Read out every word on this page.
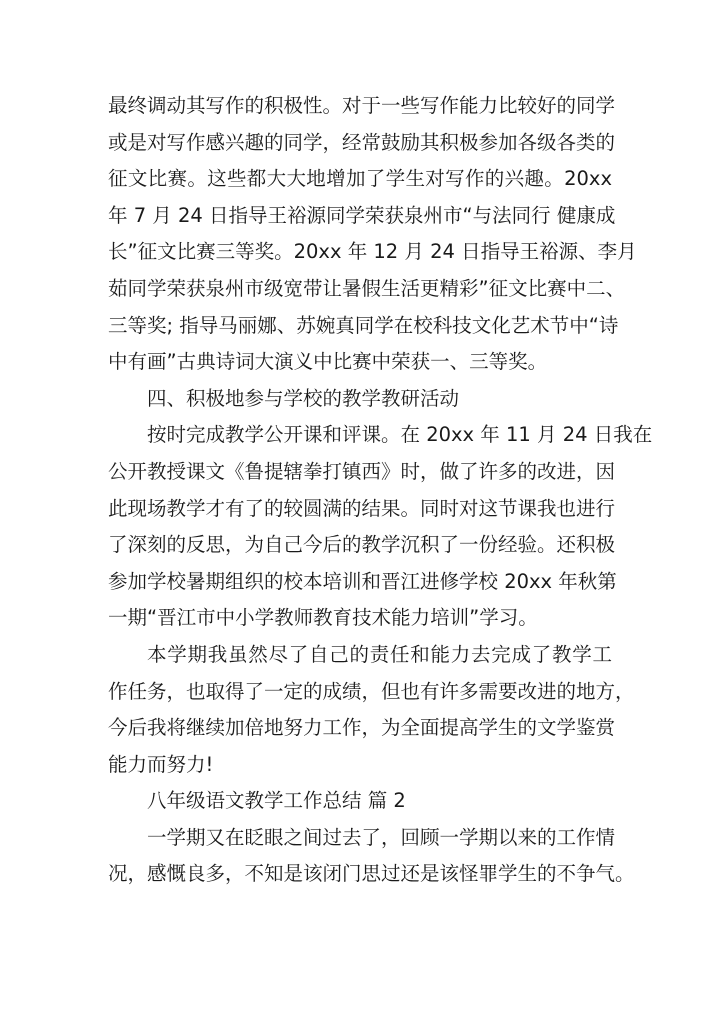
最终调动其写作的积极性。对于一些写作能力比较好的同学
或是对写作感兴趣的同学，经常鼓励其积极参加各级各类的
征文比赛。这些都大大地增加了学生对写作的兴趣。20xx
年 7 月 24 日指导王裕源同学荣获泉州市“与法同行 健康成
长”征文比赛三等奖。20xx 年 12 月 24 日指导王裕源、李月
茹同学荣获泉州市级宽带让暑假生活更精彩”征文比赛中二、
三等奖; 指导马丽娜、苏婉真同学在校科技文化艺术节中“诗
中有画”古典诗词大演义中比赛中荣获一、三等奖。
四、积极地参与学校的教学教研活动
按时完成教学公开课和评课。在 20xx 年 11 月 24 日我在
公开教授课文《鲁提辖拳打镇西》时，做了许多的改进，因
此现场教学才有了的较圆满的结果。同时对这节课我也进行
了深刻的反思，为自己今后的教学沉积了一份经验。还积极
参加学校暑期组织的校本培训和晋江进修学校 20xx 年秋第
一期“晋江市中小学教师教育技术能力培训”学习。
本学期我虽然尽了自己的责任和能力去完成了教学工
作任务，也取得了一定的成绩，但也有许多需要改进的地方，
今后我将继续加倍地努力工作，为全面提高学生的文学鉴赏
能力而努力!
八年级语文教学工作总结 篇 2
一学期又在眨眼之间过去了，回顾一学期以来的工作情
况，感慨良多，不知是该闭门思过还是该怪罪学生的不争气。
